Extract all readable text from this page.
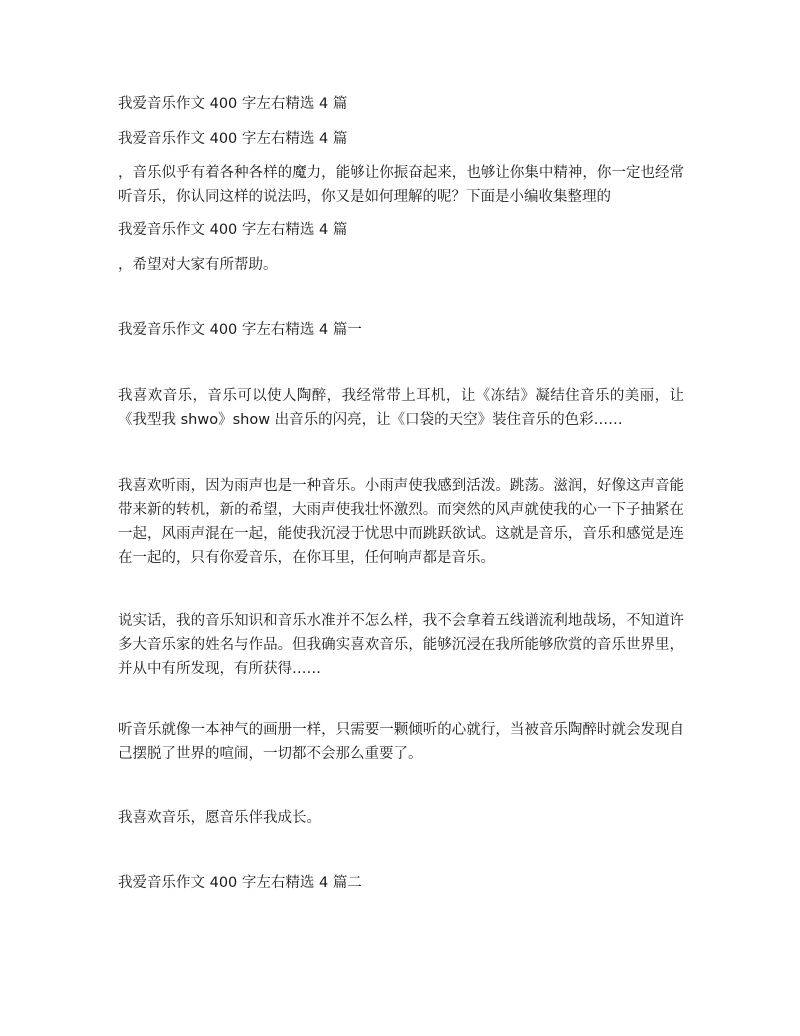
我爱音乐作文 400 字左右精选 4 篇

我爱音乐作文 400 字左右精选 4 篇

，音乐似乎有着各种各样的魔力，能够让你振奋起来，也够让你集中精神，你一定也经常听音乐，你认同这样的说法吗，你又是如何理解的呢？下面是小编收集整理的

我爱音乐作文 400 字左右精选 4 篇

，希望对大家有所帮助。

我爱音乐作文 400 字左右精选 4 篇一

我喜欢音乐，音乐可以使人陶醉，我经常带上耳机，让《冻结》凝结住音乐的美丽，让《我型我 shwo》show 出音乐的闪亮，让《口袋的天空》装住音乐的色彩……

我喜欢听雨，因为雨声也是一种音乐。小雨声使我感到活泼。跳荡。滋润，好像这声音能带来新的转机，新的希望，大雨声使我壮怀激烈。而突然的风声就使我的心一下子抽紧在一起，风雨声混在一起，能使我沉浸于忧思中而跳跃欲试。这就是音乐，音乐和感觉是连在一起的，只有你爱音乐，在你耳里，任何响声都是音乐。

说实话，我的音乐知识和音乐水准并不怎么样，我不会拿着五线谱流利地哉场，不知道许多大音乐家的姓名与作品。但我确实喜欢音乐，能够沉浸在我所能够欣赏的音乐世界里，并从中有所发现，有所获得……

听音乐就像一本神气的画册一样，只需要一颗倾听的心就行，当被音乐陶醉时就会发现自己摆脱了世界的喧闹，一切都不会那么重要了。

我喜欢音乐，愿音乐伴我成长。

我爱音乐作文 400 字左右精选 4 篇二
